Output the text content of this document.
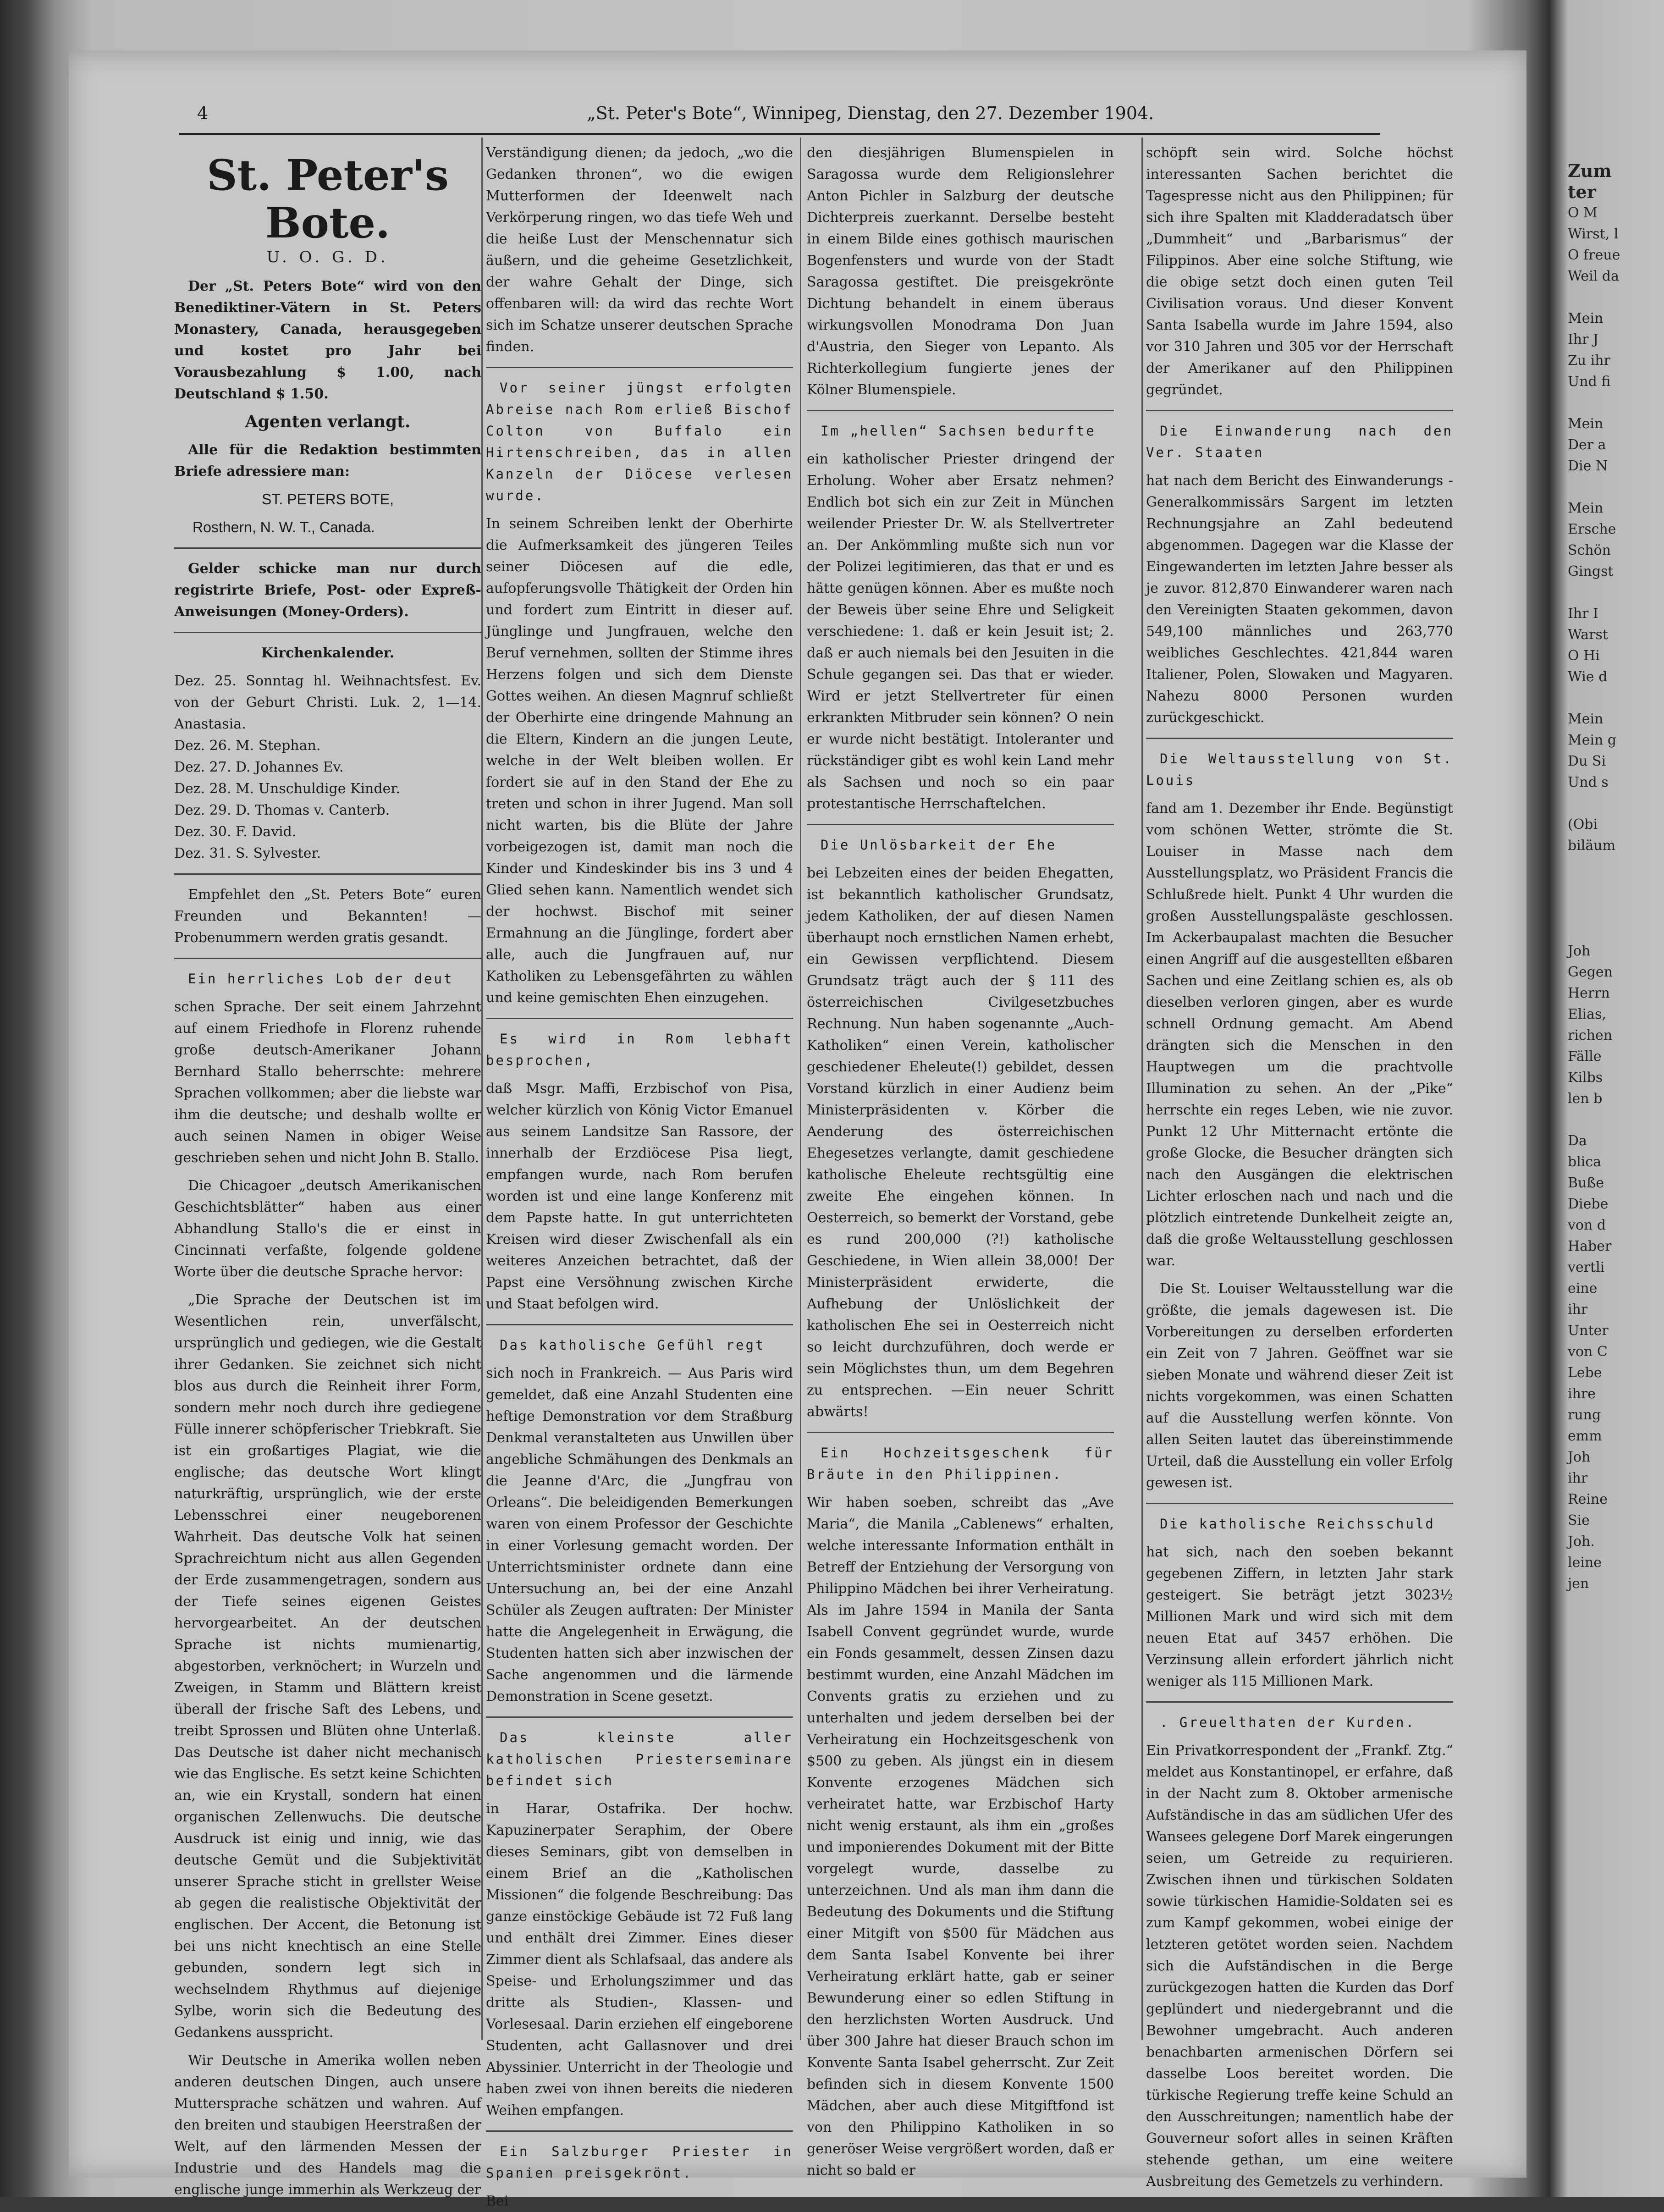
4	„St. Peter's Bote“, Winnipeg, Dienstag, den 27. Dezember 1904.
St. Peter's Bote.
U. O. G. D.

Der „St. Peters Bote“ wird von den Benediktiner-Vätern in St. Peters Monastery, Canada, herausgegeben und kostet pro Jahr bei Vorausbezahlung $ 1.00, nach Deutschland $ 1.50.

Agenten verlangt.

Alle für die Redaktion bestimmten Briefe adressiere man:

ST. PETERS BOTE,

Rosthern, N. W. T., Canada.

Gelder schicke man nur durch registrirte Briefe, Post- oder Expreß-Anweisungen (Money-Orders).

Kirchenkalender.

Dez. 25. Sonntag hl. Weihnachtsfest. Ev. von der Geburt Christi. Luk. 2, 1—14. Anastasia.
Dez. 26. M. Stephan.
Dez. 27. D. Johannes Ev.
Dez. 28. M. Unschuldige Kinder.
Dez. 29. D. Thomas v. Canterb.
Dez. 30. F. David.
Dez. 31. S. Sylvester.

Empfehlet den „St. Peters Bote“ euren Freunden und Bekannten! — Probenummern werden gratis gesandt.

Ein herrliches Lob der deut

schen Sprache. Der seit einem Jahrzehnt auf einem Friedhofe in Florenz ruhende große deutsch-Amerikaner Johann Bernhard Stallo beherrschte: mehrere Sprachen vollkommen; aber die liebste war ihm die deutsche; und deshalb wollte er auch seinen Namen in obiger Weise geschrieben sehen und nicht John B. Stallo.

Die Chicagoer „deutsch Amerikanischen Geschichtsblätter“ haben aus einer Abhandlung Stallo's die er einst in Cincinnati verfaßte, folgende goldene Worte über die deutsche Sprache hervor:

„Die Sprache der Deutschen ist im Wesentlichen rein, unverfälscht, ursprünglich und gediegen, wie die Gestalt ihrer Gedanken. Sie zeichnet sich nicht blos aus durch die Reinheit ihrer Form, sondern mehr noch durch ihre gediegene Fülle innerer schöpferischer Triebkraft. Sie ist ein großartiges Plagiat, wie die englische; das deutsche Wort klingt naturkräftig, ursprünglich, wie der erste Lebensschrei einer neugeborenen Wahrheit. Das deutsche Volk hat seinen Sprachreichtum nicht aus allen Gegenden der Erde zusammengetragen, sondern aus der Tiefe seines eigenen Geistes hervorgearbeitet. An der deutschen Sprache ist nichts mumienartig, abgestorben, verknöchert; in Wurzeln und Zweigen, in Stamm und Blättern kreist überall der frische Saft des Lebens, und treibt Sprossen und Blüten ohne Unterlaß. Das Deutsche ist daher nicht mechanisch wie das Englische. Es setzt keine Schichten an, wie ein Krystall, sondern hat einen organischen Zellenwuchs. Die deutsche Ausdruck ist einig und innig, wie das deutsche Gemüt und die Subjektivität unserer Sprache sticht in grellster Weise ab gegen die realistische Objektivität der englischen. Der Accent, die Betonung ist bei uns nicht knechtisch an eine Stelle gebunden, sondern legt sich in wechselndem Rhythmus auf diejenige Sylbe, worin sich die Bedeutung des Gedankens ausspricht.

Wir Deutsche in Amerika wollen neben anderen deutschen Dingen, auch unsere Muttersprache schätzen und wahren. Auf den breiten und staubigen Heerstraßen der Welt, auf den lärmenden Messen der Industrie und des Handels mag die englische junge immerhin als Werkzeug der

Verständigung dienen; da jedoch, „wo die Gedanken thronen“, wo die ewigen Mutterformen der Ideenwelt nach Verkörperung ringen, wo das tiefe Weh und die heiße Lust der Menschennatur sich äußern, und die geheime Gesetzlichkeit, der wahre Gehalt der Dinge, sich offenbaren will: da wird das rechte Wort sich im Schatze unserer deutschen Sprache finden.

Vor seiner jüngst erfolgten Abreise nach Rom erließ Bischof Colton von Buffalo ein Hirtenschreiben, das in allen Kanzeln der Diöcese verlesen wurde.

In seinem Schreiben lenkt der Oberhirte die Aufmerksamkeit des jüngeren Teiles seiner Diöcesen auf die edle, aufopferungsvolle Thätigkeit der Orden hin und fordert zum Eintritt in dieser auf. Jünglinge und Jungfrauen, welche den Beruf vernehmen, sollten der Stimme ihres Herzens folgen und sich dem Dienste Gottes weihen. An diesen Magnruf schließt der Oberhirte eine dringende Mahnung an die Eltern, Kindern an die jungen Leute, welche in der Welt bleiben wollen. Er fordert sie auf in den Stand der Ehe zu treten und schon in ihrer Jugend. Man soll nicht warten, bis die Blüte der Jahre vorbeigezogen ist, damit man noch die Kinder und Kindeskinder bis ins 3 und 4 Glied sehen kann. Namentlich wendet sich der hochwst. Bischof mit seiner Ermahnung an die Jünglinge, fordert aber alle, auch die Jungfrauen auf, nur Katholiken zu Lebensgefährten zu wählen und keine gemischten Ehen einzugehen.

Es wird in Rom lebhaft besprochen,

daß Msgr. Maffi, Erzbischof von Pisa, welcher kürzlich von König Victor Emanuel aus seinem Landsitze San Rassore, der innerhalb der Erzdiöcese Pisa liegt, empfangen wurde, nach Rom berufen worden ist und eine lange Konferenz mit dem Papste hatte. In gut unterrichteten Kreisen wird dieser Zwischenfall als ein weiteres Anzeichen betrachtet, daß der Papst eine Versöhnung zwischen Kirche und Staat befolgen wird.

Das katholische Gefühl regt

sich noch in Frankreich. — Aus Paris wird gemeldet, daß eine Anzahl Studenten eine heftige Demonstration vor dem Straßburg Denkmal veranstalteten aus Unwillen über angebliche Schmähungen des Denkmals an die Jeanne d'Arc, die „Jungfrau von Orleans“. Die beleidigenden Bemerkungen waren von einem Professor der Geschichte in einer Vorlesung gemacht worden. Der Unterrichtsminister ordnete dann eine Untersuchung an, bei der eine Anzahl Schüler als Zeugen auftraten: Der Minister hatte die Angelegenheit in Erwägung, die Studenten hatten sich aber inzwischen der Sache angenommen und die lärmende Demonstration in Scene gesetzt.

Das kleinste aller katholischen Priesterseminare befindet sich

in Harar, Ostafrika. Der hochw. Kapuzinerpater Seraphim, der Obere dieses Seminars, gibt von demselben in einem Brief an die „Katholischen Missionen“ die folgende Beschreibung: Das ganze einstöckige Gebäude ist 72 Fuß lang und enthält drei Zimmer. Eines dieser Zimmer dient als Schlafsaal, das andere als Speise- und Erholungszimmer und das dritte als Studien-, Klassen- und Vorlesesaal. Darin erziehen elf eingeborene Studenten, acht Gallasnover und drei Abyssinier. Unterricht in der Theologie und haben zwei von ihnen bereits die niederen Weihen empfangen.

Ein Salzburger Priester in Spanien preisgekrönt.

Bei

den diesjährigen Blumenspielen in Saragossa wurde dem Religionslehrer Anton Pichler in Salzburg der deutsche Dichterpreis zuerkannt. Derselbe besteht in einem Bilde eines gothisch maurischen Bogenfensters und wurde von der Stadt Saragossa gestiftet. Die preisgekrönte Dichtung behandelt in einem überaus wirkungsvollen Monodrama Don Juan d'Austria, den Sieger von Lepanto. Als Richterkollegium fungierte jenes der Kölner Blumenspiele.

Im „hellen“ Sachsen bedurfte

ein katholischer Priester dringend der Erholung. Woher aber Ersatz nehmen? Endlich bot sich ein zur Zeit in München weilender Priester Dr. W. als Stellvertreter an. Der Ankömmling mußte sich nun vor der Polizei legitimieren, das that er und es hätte genügen können. Aber es mußte noch der Beweis über seine Ehre und Seligkeit verschiedene: 1. daß er kein Jesuit ist; 2. daß er auch niemals bei den Jesuiten in die Schule gegangen sei. Das that er wieder. Wird er jetzt Stellvertreter für einen erkrankten Mitbruder sein können? O nein er wurde nicht bestätigt. Intoleranter und rückständiger gibt es wohl kein Land mehr als Sachsen und noch so ein paar protestantische Herrschaftelchen.

Die Unlösbarkeit der Ehe

bei Lebzeiten eines der beiden Ehegatten, ist bekanntlich katholischer Grundsatz, jedem Katholiken, der auf diesen Namen überhaupt noch ernstlichen Namen erhebt, ein Gewissen verpflichtend. Diesem Grundsatz trägt auch der § 111 des österreichischen Civilgesetzbuches Rechnung. Nun haben sogenannte „Auch-Katholiken“ einen Verein, katholischer geschiedener Eheleute(!) gebildet, dessen Vorstand kürzlich in einer Audienz beim Ministerpräsidenten v. Körber die Aenderung des österreichischen Ehegesetzes verlangte, damit geschiedene katholische Eheleute rechtsgültig eine zweite Ehe eingehen können. In Oesterreich, so bemerkt der Vorstand, gebe es rund 200,000 (?!) katholische Geschiedene, in Wien allein 38,000! Der Ministerpräsident erwiderte, die Aufhebung der Unlöslichkeit der katholischen Ehe sei in Oesterreich nicht so leicht durchzuführen, doch werde er sein Möglichstes thun, um dem Begehren zu entsprechen. —Ein neuer Schritt abwärts!

Ein Hochzeitsgeschenk für Bräute in den Philippinen.

Wir haben soeben, schreibt das „Ave Maria“, die Manila „Cablenews“ erhalten, welche interessante Information enthält in Betreff der Entziehung der Versorgung von Philippino Mädchen bei ihrer Verheiratung. Als im Jahre 1594 in Manila der Santa Isabell Convent gegründet wurde, wurde ein Fonds gesammelt, dessen Zinsen dazu bestimmt wurden, eine Anzahl Mädchen im Convents gratis zu erziehen und zu unterhalten und jedem derselben bei der Verheiratung ein Hochzeitsgeschenk von $500 zu geben. Als jüngst ein in diesem Konvente erzogenes Mädchen sich verheiratet hatte, war Erzbischof Harty nicht wenig erstaunt, als ihm ein „großes und imponierendes Dokument mit der Bitte vorgelegt wurde, dasselbe zu unterzeichnen. Und als man ihm dann die Bedeutung des Dokuments und die Stiftung einer Mitgift von $500 für Mädchen aus dem Santa Isabel Konvente bei ihrer Verheiratung erklärt hatte, gab er seiner Bewunderung einer so edlen Stiftung in den herzlichsten Worten Ausdruck. Und über 300 Jahre hat dieser Brauch schon im Konvente Santa Isabel geherrscht. Zur Zeit befinden sich in diesem Konvente 1500 Mädchen, aber auch diese Mitgiftfond ist von den Philippino Katholiken in so generöser Weise vergrößert worden, daß er nicht so bald er

schöpft sein wird. Solche höchst interessanten Sachen berichtet die Tagespresse nicht aus den Philippinen; für sich ihre Spalten mit Kladderadatsch über „Dummheit“ und „Barbarismus“ der Filippinos. Aber eine solche Stiftung, wie die obige setzt doch einen guten Teil Civilisation voraus. Und dieser Konvent Santa Isabella wurde im Jahre 1594, also vor 310 Jahren und 305 vor der Herrschaft der Amerikaner auf den Philippinen gegründet.

Die Einwanderung nach den Ver. Staaten

hat nach dem Bericht des Einwanderungs - Generalkommissärs Sargent im letzten Rechnungsjahre an Zahl bedeutend abgenommen. Dagegen war die Klasse der Eingewanderten im letzten Jahre besser als je zuvor. 812,870 Einwanderer waren nach den Vereinigten Staaten gekommen, davon 549,100 männliches und 263,770 weibliches Geschlechtes. 421,844 waren Italiener, Polen, Slowaken und Magyaren. Nahezu 8000 Personen wurden zurückgeschickt.

Die Weltausstellung von St. Louis

fand am 1. Dezember ihr Ende. Begünstigt vom schönen Wetter, strömte die St. Louiser in Masse nach dem Ausstellungsplatz, wo Präsident Francis die Schlußrede hielt. Punkt 4 Uhr wurden die großen Ausstellungspaläste geschlossen. Im Ackerbaupalast machten die Besucher einen Angriff auf die ausgestellten eßbaren Sachen und eine Zeitlang schien es, als ob dieselben verloren gingen, aber es wurde schnell Ordnung gemacht. Am Abend drängten sich die Menschen in den Hauptwegen um die prachtvolle Illumination zu sehen. An der „Pike“ herrschte ein reges Leben, wie nie zuvor. Punkt 12 Uhr Mitternacht ertönte die große Glocke, die Besucher drängten sich nach den Ausgängen die elektrischen Lichter erloschen nach und nach und die plötzlich eintretende Dunkelheit zeigte an, daß die große Weltausstellung geschlossen war.

Die St. Louiser Weltausstellung war die größte, die jemals dagewesen ist. Die Vorbereitungen zu derselben erforderten ein Zeit von 7 Jahren. Geöffnet war sie sieben Monate und während dieser Zeit ist nichts vorgekommen, was einen Schatten auf die Ausstellung werfen könnte. Von allen Seiten lautet das übereinstimmende Urteil, daß die Ausstellung ein voller Erfolg gewesen ist.

Die katholische Reichsschuld

hat sich, nach den soeben bekannt gegebenen Ziffern, in letzten Jahr stark gesteigert. Sie beträgt jetzt 3023½ Millionen Mark und wird sich mit dem neuen Etat auf 3457 erhöhen. Die Verzinsung allein erfordert jährlich nicht weniger als 115 Millionen Mark.

. Greuelthaten der Kurden.

Ein Privatkorrespondent der „Frankf. Ztg.“ meldet aus Konstantinopel, er erfahre, daß in der Nacht zum 8. Oktober armenische Aufständische in das am südlichen Ufer des Wansees gelegene Dorf Marek eingerungen seien, um Getreide zu requirieren. Zwischen ihnen und türkischen Soldaten sowie türkischen Hamidie-Soldaten sei es zum Kampf gekommen, wobei einige der letzteren getötet worden seien. Nachdem sich die Aufständischen in die Berge zurückgezogen hatten die Kurden das Dorf geplündert und niedergebrannt und die Bewohner umgebracht. Auch anderen benachbarten armenischen Dörfern sei dasselbe Loos bereitet worden. Die türkische Regierung treffe keine Schuld an den Ausschreitungen; namentlich habe der Gouverneur sofort alles in seinen Kräften stehende gethan, um eine weitere Ausbreitung des Gemetzels zu verhindern.

Zum
ter
O M
Wirst, l
O freue
Weil da

Mein
Ihr J
Zu ihr
Und fi

Mein
Der a
Die N

Mein
Ersche
Schön
Gingst

Ihr I
Warst
O Hi
Wie d

Mein
Mein g
Du Si
Und s

(Obi
biläum

Joh
Gegen
Herrn
Elias,
richen
Fälle
Kilbs
len b

Da
blica
Buße
Diebe
von d
Haber
vertli
eine
ihr
Unter
von C
Lebe
ihre
rung
emm
Joh
ihr
Reine
Sie
Joh.
leine
jen
